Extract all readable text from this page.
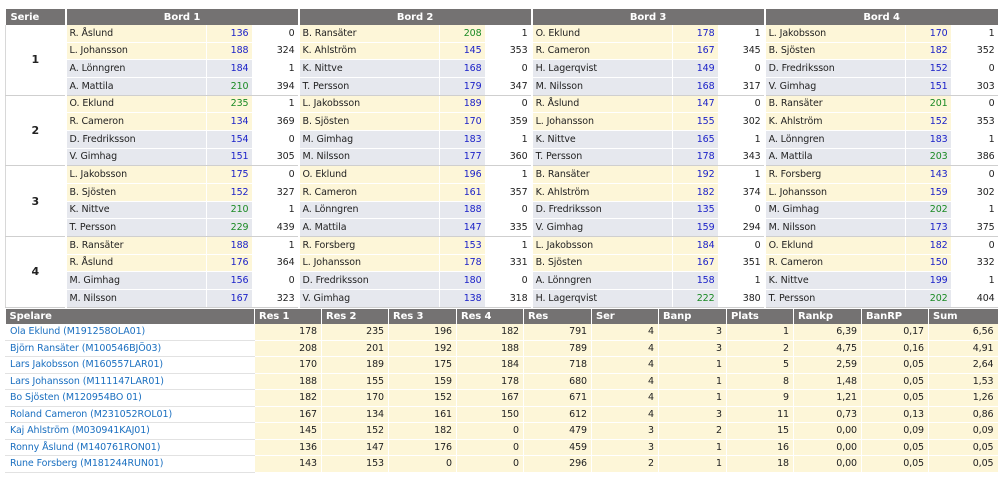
Serie	Bord 1			Bord 2			Bord 3			Bord 4		
1	R. Åslund	136	0	B. Ransäter	208	1	O. Eklund	178	1	L. Jakobsson	170	1
	L. Johansson	188	324	K. Ahlström	145	353	R. Cameron	167	345	B. Sjösten	182	352
	A. Lönngren	184	1	K. Nittve	168	0	H. Lagerqvist	149	0	D. Fredriksson	152	0
	A. Mattila	210	394	T. Persson	179	347	M. Nilsson	168	317	V. Gimhag	151	303
2	O. Eklund	235	1	L. Jakobsson	189	0	R. Åslund	147	0	B. Ransäter	201	0
	R. Cameron	134	369	B. Sjösten	170	359	L. Johansson	155	302	K. Ahlström	152	353
	D. Fredriksson	154	0	M. Gimhag	183	1	K. Nittve	165	1	A. Lönngren	183	1
	V. Gimhag	151	305	M. Nilsson	177	360	T. Persson	178	343	A. Mattila	203	386
3	L. Jakobsson	175	0	O. Eklund	196	1	B. Ransäter	192	1	R. Forsberg	143	0
	B. Sjösten	152	327	R. Cameron	161	357	K. Ahlström	182	374	L. Johansson	159	302
	K. Nittve	210	1	A. Lönngren	188	0	D. Fredriksson	135	0	M. Gimhag	202	1
	T. Persson	229	439	A. Mattila	147	335	V. Gimhag	159	294	M. Nilsson	173	375
4	B. Ransäter	188	1	R. Forsberg	153	1	L. Jakobsson	184	0	O. Eklund	182	0
	R. Åslund	176	364	L. Johansson	178	331	B. Sjösten	167	351	R. Cameron	150	332
	M. Gimhag	156	0	D. Fredriksson	180	0	A. Lönngren	158	1	K. Nittve	199	1
	M. Nilsson	167	323	V. Gimhag	138	318	H. Lagerqvist	222	380	T. Persson	202	404
Spelare	Res 1	Res 2	Res 3	Res 4	Res	Ser	Banp	Plats	Rankp	BanRP	Sum
Ola Eklund (M191258OLA01)	178	235	196	182	791	4	3	1	6,39	0,17	6,56
Björn Ransäter (M100546BJÖ03)	208	201	192	188	789	4	3	2	4,75	0,16	4,91
Lars Jakobsson (M160557LAR01)	170	189	175	184	718	4	1	5	2,59	0,05	2,64
Lars Johansson (M111147LAR01)	188	155	159	178	680	4	1	8	1,48	0,05	1,53
Bo Sjösten (M120954BO 01)	182	170	152	167	671	4	1	9	1,21	0,05	1,26
Roland Cameron (M231052ROL01)	167	134	161	150	612	4	3	11	0,73	0,13	0,86
Kaj Ahlström (M030941KAJ01)	145	152	182	0	479	3	2	15	0,00	0,09	0,09
Ronny Åslund (M140761RON01)	136	147	176	0	459	3	1	16	0,00	0,05	0,05
Rune Forsberg (M181244RUN01)	143	153	0	0	296	2	1	18	0,00	0,05	0,05
